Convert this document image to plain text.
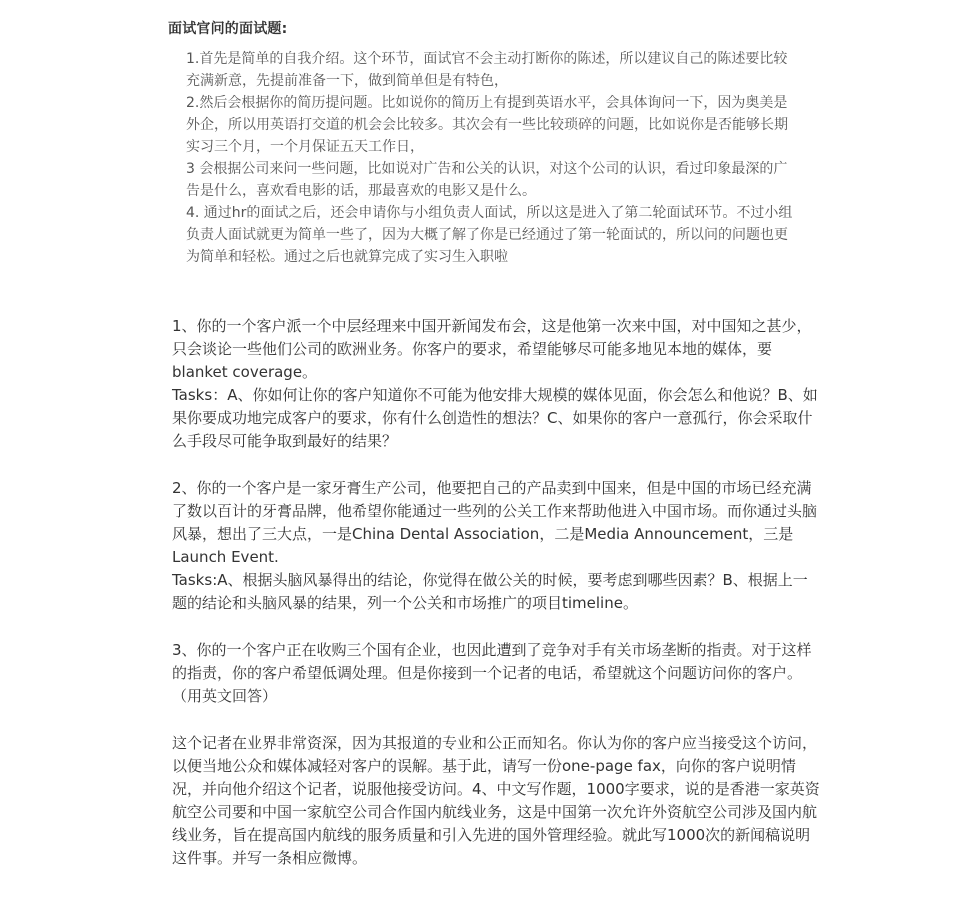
面试官问的面试题:

1.首先是简单的自我介绍。这个环节，面试官不会主动打断你的陈述，所以建议自己的陈述要比较充满新意，先提前准备一下，做到简单但是有特色，

2.然后会根据你的简历提问题。比如说你的简历上有提到英语水平，会具体询问一下，因为奥美是外企，所以用英语打交道的机会会比较多。其次会有一些比较琐碎的问题，比如说你是否能够长期实习三个月，一个月保证五天工作日，

3 会根据公司来问一些问题，比如说对广告和公关的认识，对这个公司的认识，看过印象最深的广告是什么，喜欢看电影的话，那最喜欢的电影又是什么。

4. 通过hr的面试之后，还会申请你与小组负责人面试，所以这是进入了第二轮面试环节。不过小组负责人面试就更为简单一些了，因为大概了解了你是已经通过了第一轮面试的，所以问的问题也更为简单和轻松。通过之后也就算完成了实习生入职啦

1、你的一个客户派一个中层经理来中国开新闻发布会，这是他第一次来中国，对中国知之甚少，只会谈论一些他们公司的欧洲业务。你客户的要求，希望能够尽可能多地见本地的媒体，要blanket coverage。

Tasks：A、你如何让你的客户知道你不可能为他安排大规模的媒体见面，你会怎么和他说？B、如果你要成功地完成客户的要求，你有什么创造性的想法？C、如果你的客户一意孤行，你会采取什么手段尽可能争取到最好的结果？

2、你的一个客户是一家牙膏生产公司，他要把自己的产品卖到中国来，但是中国的市场已经充满了数以百计的牙膏品牌，他希望你能通过一些列的公关工作来帮助他进入中国市场。而你通过头脑风暴，想出了三大点，一是China Dental Association，二是Media Announcement，三是Launch Event.

Tasks:A、根据头脑风暴得出的结论，你觉得在做公关的时候，要考虑到哪些因素？B、根据上一题的结论和头脑风暴的结果，列一个公关和市场推广的项目timeline。

3、你的一个客户正在收购三个国有企业，也因此遭到了竞争对手有关市场垄断的指责。对于这样的指责，你的客户希望低调处理。但是你接到一个记者的电话，希望就这个问题访问你的客户。（用英文回答）

这个记者在业界非常资深，因为其报道的专业和公正而知名。你认为你的客户应当接受这个访问，以便当地公众和媒体减轻对客户的误解。基于此，请写一份one-page fax，向你的客户说明情况，并向他介绍这个记者，说服他接受访问。4、中文写作题，1000字要求，说的是香港一家英资航空公司要和中国一家航空公司合作国内航线业务，这是中国第一次允许外资航空公司涉及国内航线业务，旨在提高国内航线的服务质量和引入先进的国外管理经验。就此写1000次的新闻稿说明这件事。并写一条相应微博。
